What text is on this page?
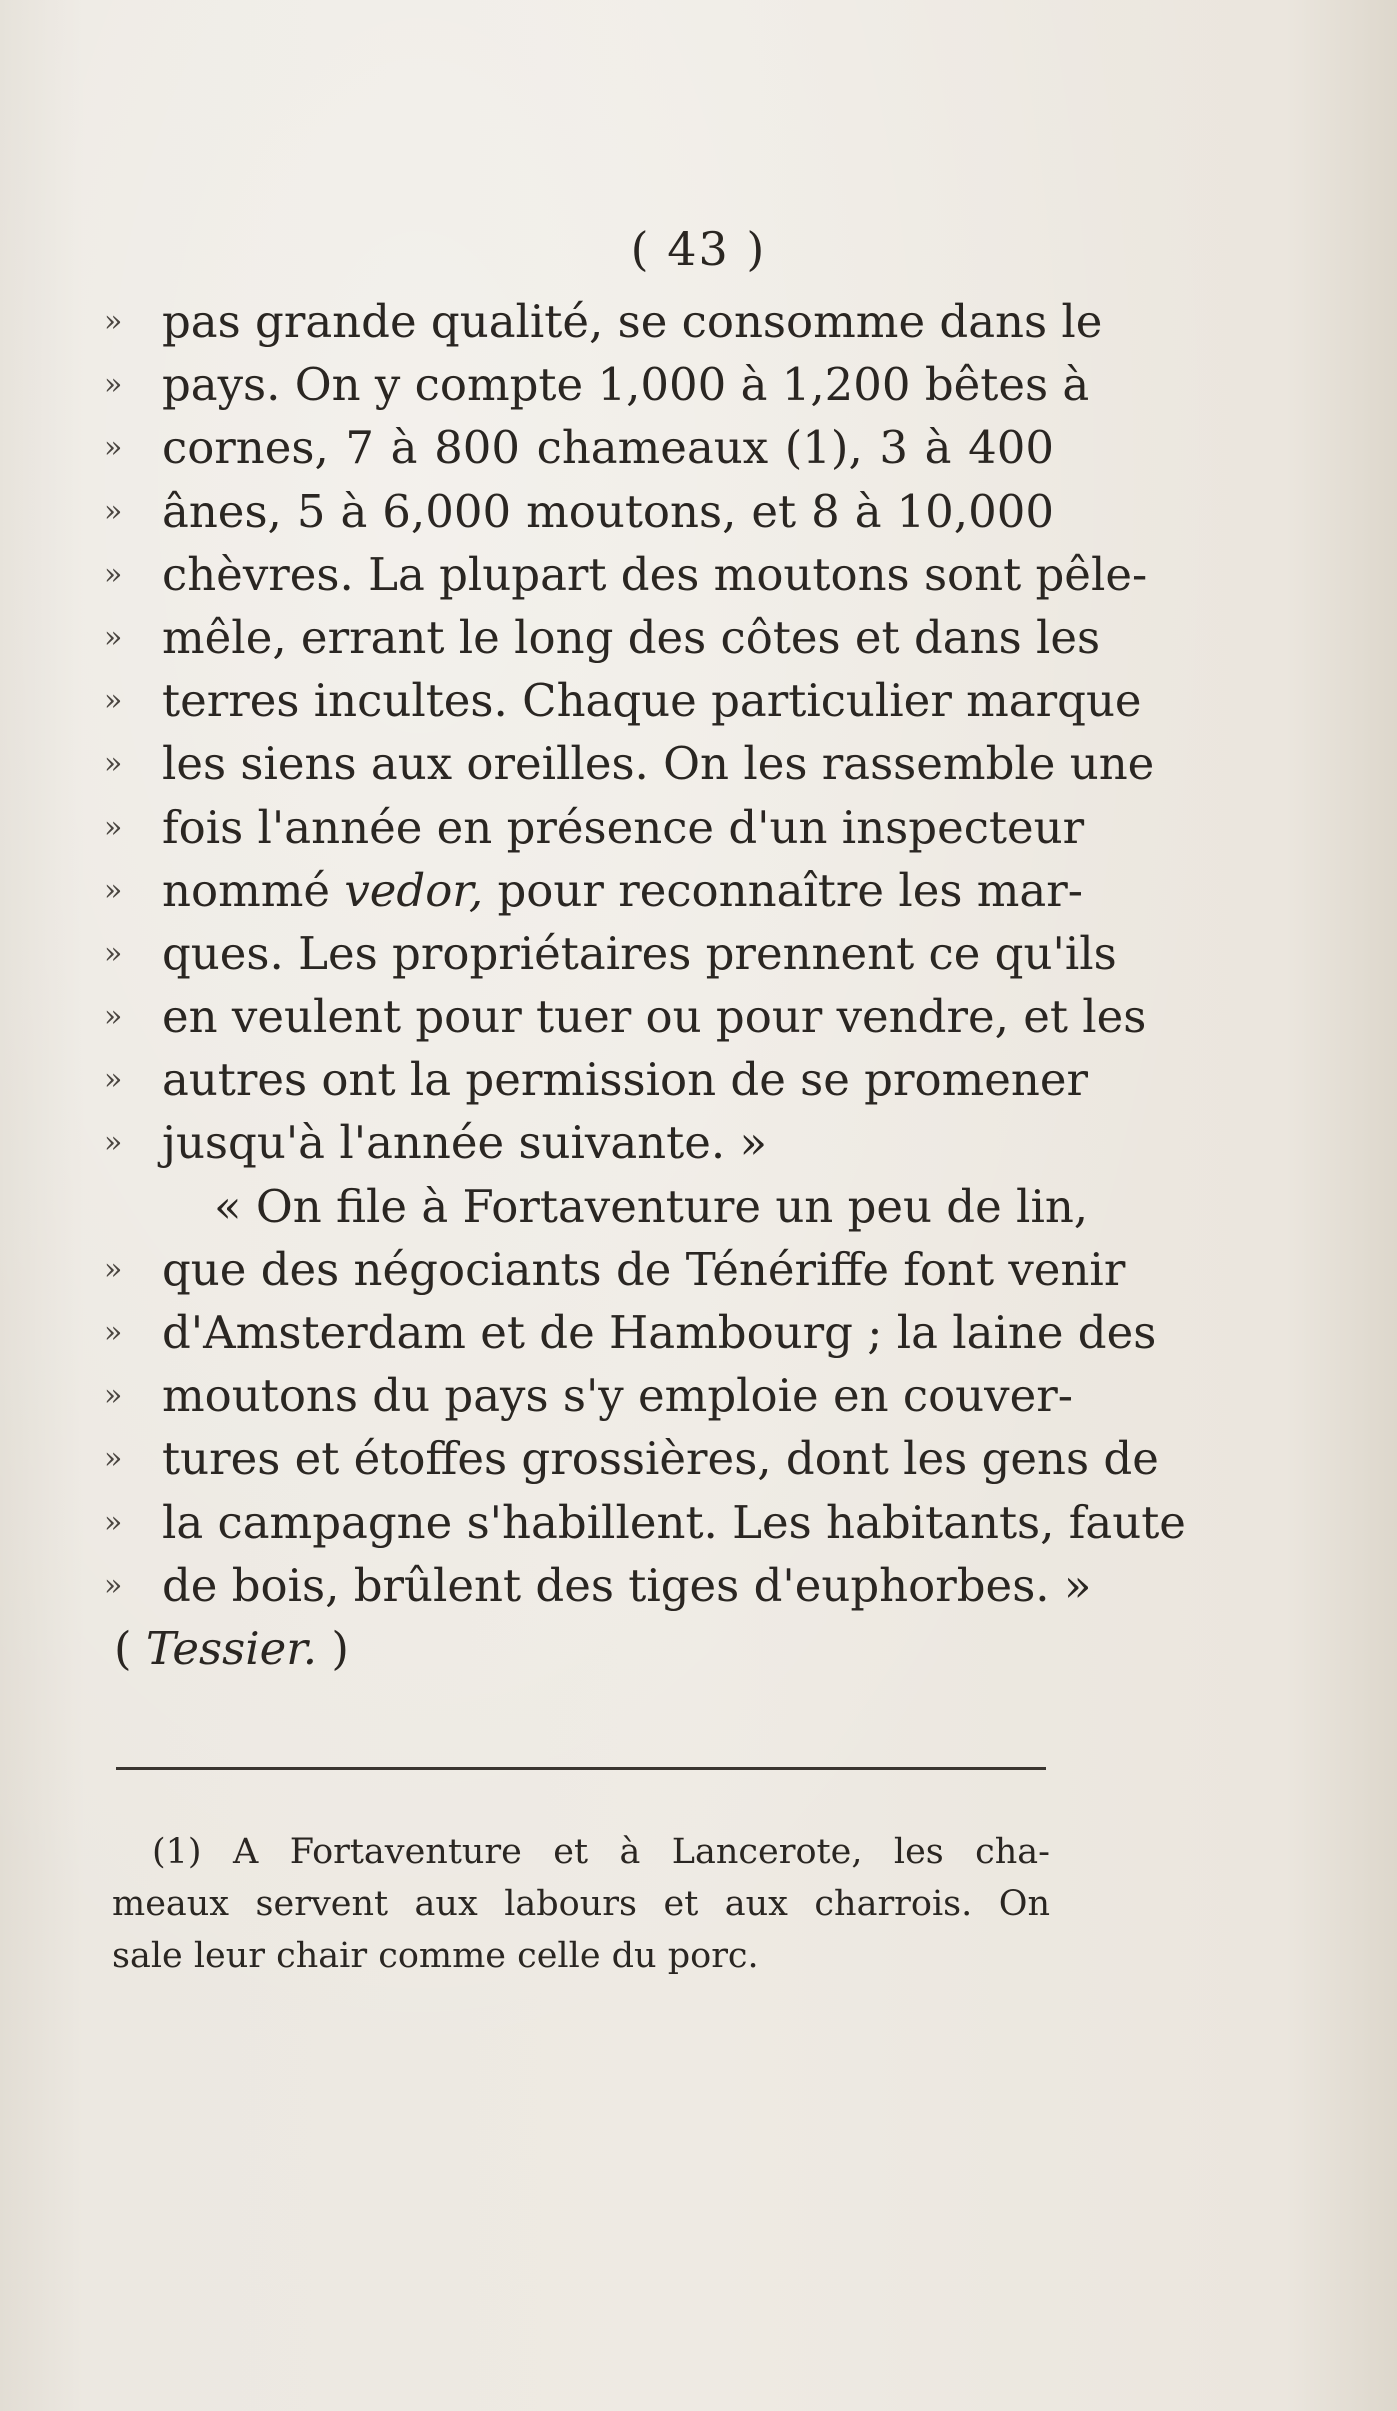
( 43 )
» pas grande qualité, se consomme dans le
» pays. On y compte 1,000 à 1,200 bêtes à
» cornes, 7 à 800 chameaux (1), 3 à 400
» ânes, 5 à 6,000 moutons, et 8 à 10,000
» chèvres. La plupart des moutons sont pêle-
» mêle, errant le long des côtes et dans les
» terres incultes. Chaque particulier marque
» les siens aux oreilles. On les rassemble une
» fois l'année en présence d'un inspecteur
» nommé vedor, pour reconnaître les mar-
» ques. Les propriétaires prennent ce qu'ils
» en veulent pour tuer ou pour vendre, et les
» autres ont la permission de se promener
» jusqu'à l'année suivante. »
« On file à Fortaventure un peu de lin,
» que des négociants de Ténériffe font venir
» d'Amsterdam et de Hambourg ; la laine des
» moutons du pays s'y emploie en couver-
» tures et étoffes grossières, dont les gens de
» la campagne s'habillent. Les habitants, faute
» de bois, brûlent des tiges d'euphorbes. »
( Tessier. )
(1) A Fortaventure et à Lancerote, les cha-
meaux servent aux labours et aux charrois. On
sale leur chair comme celle du porc.
